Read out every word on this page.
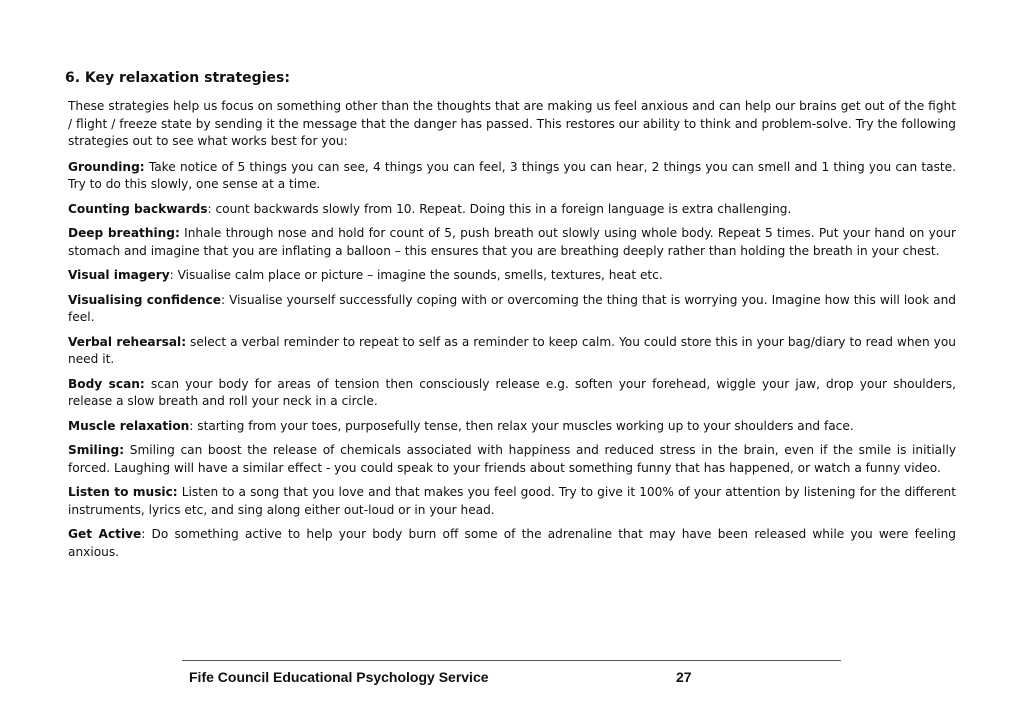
6. Key relaxation strategies:

These strategies help us focus on something other than the thoughts that are making us feel anxious and can help our brains get out of the fight / flight / freeze state by sending it the message that the danger has passed. This restores our ability to think and problem-solve. Try the following strategies out to see what works best for you:

Grounding: Take notice of 5 things you can see, 4 things you can feel, 3 things you can hear, 2 things you can smell and 1 thing you can taste. Try to do this slowly, one sense at a time.

Counting backwards: count backwards slowly from 10. Repeat. Doing this in a foreign language is extra challenging.

Deep breathing: Inhale through nose and hold for count of 5, push breath out slowly using whole body. Repeat 5 times. Put your hand on your stomach and imagine that you are inflating a balloon – this ensures that you are breathing deeply rather than holding the breath in your chest.

Visual imagery: Visualise calm place or picture – imagine the sounds, smells, textures, heat etc.

Visualising confidence: Visualise yourself successfully coping with or overcoming the thing that is worrying you. Imagine how this will look and feel.

Verbal rehearsal: select a verbal reminder to repeat to self as a reminder to keep calm. You could store this in your bag/diary to read when you need it.

Body scan: scan your body for areas of tension then consciously release e.g. soften your forehead, wiggle your jaw, drop your shoulders, release a slow breath and roll your neck in a circle.

Muscle relaxation: starting from your toes, purposefully tense, then relax your muscles working up to your shoulders and face.

Smiling: Smiling can boost the release of chemicals associated with happiness and reduced stress in the brain, even if the smile is initially forced. Laughing will have a similar effect - you could speak to your friends about something funny that has happened, or watch a funny video.

Listen to music: Listen to a song that you love and that makes you feel good. Try to give it 100% of your attention by listening for the different instruments, lyrics etc, and sing along either out-loud or in your head.

Get Active: Do something active to help your body burn off some of the adrenaline that may have been released while you were feeling anxious.

Fife Council Educational Psychology Service	27
